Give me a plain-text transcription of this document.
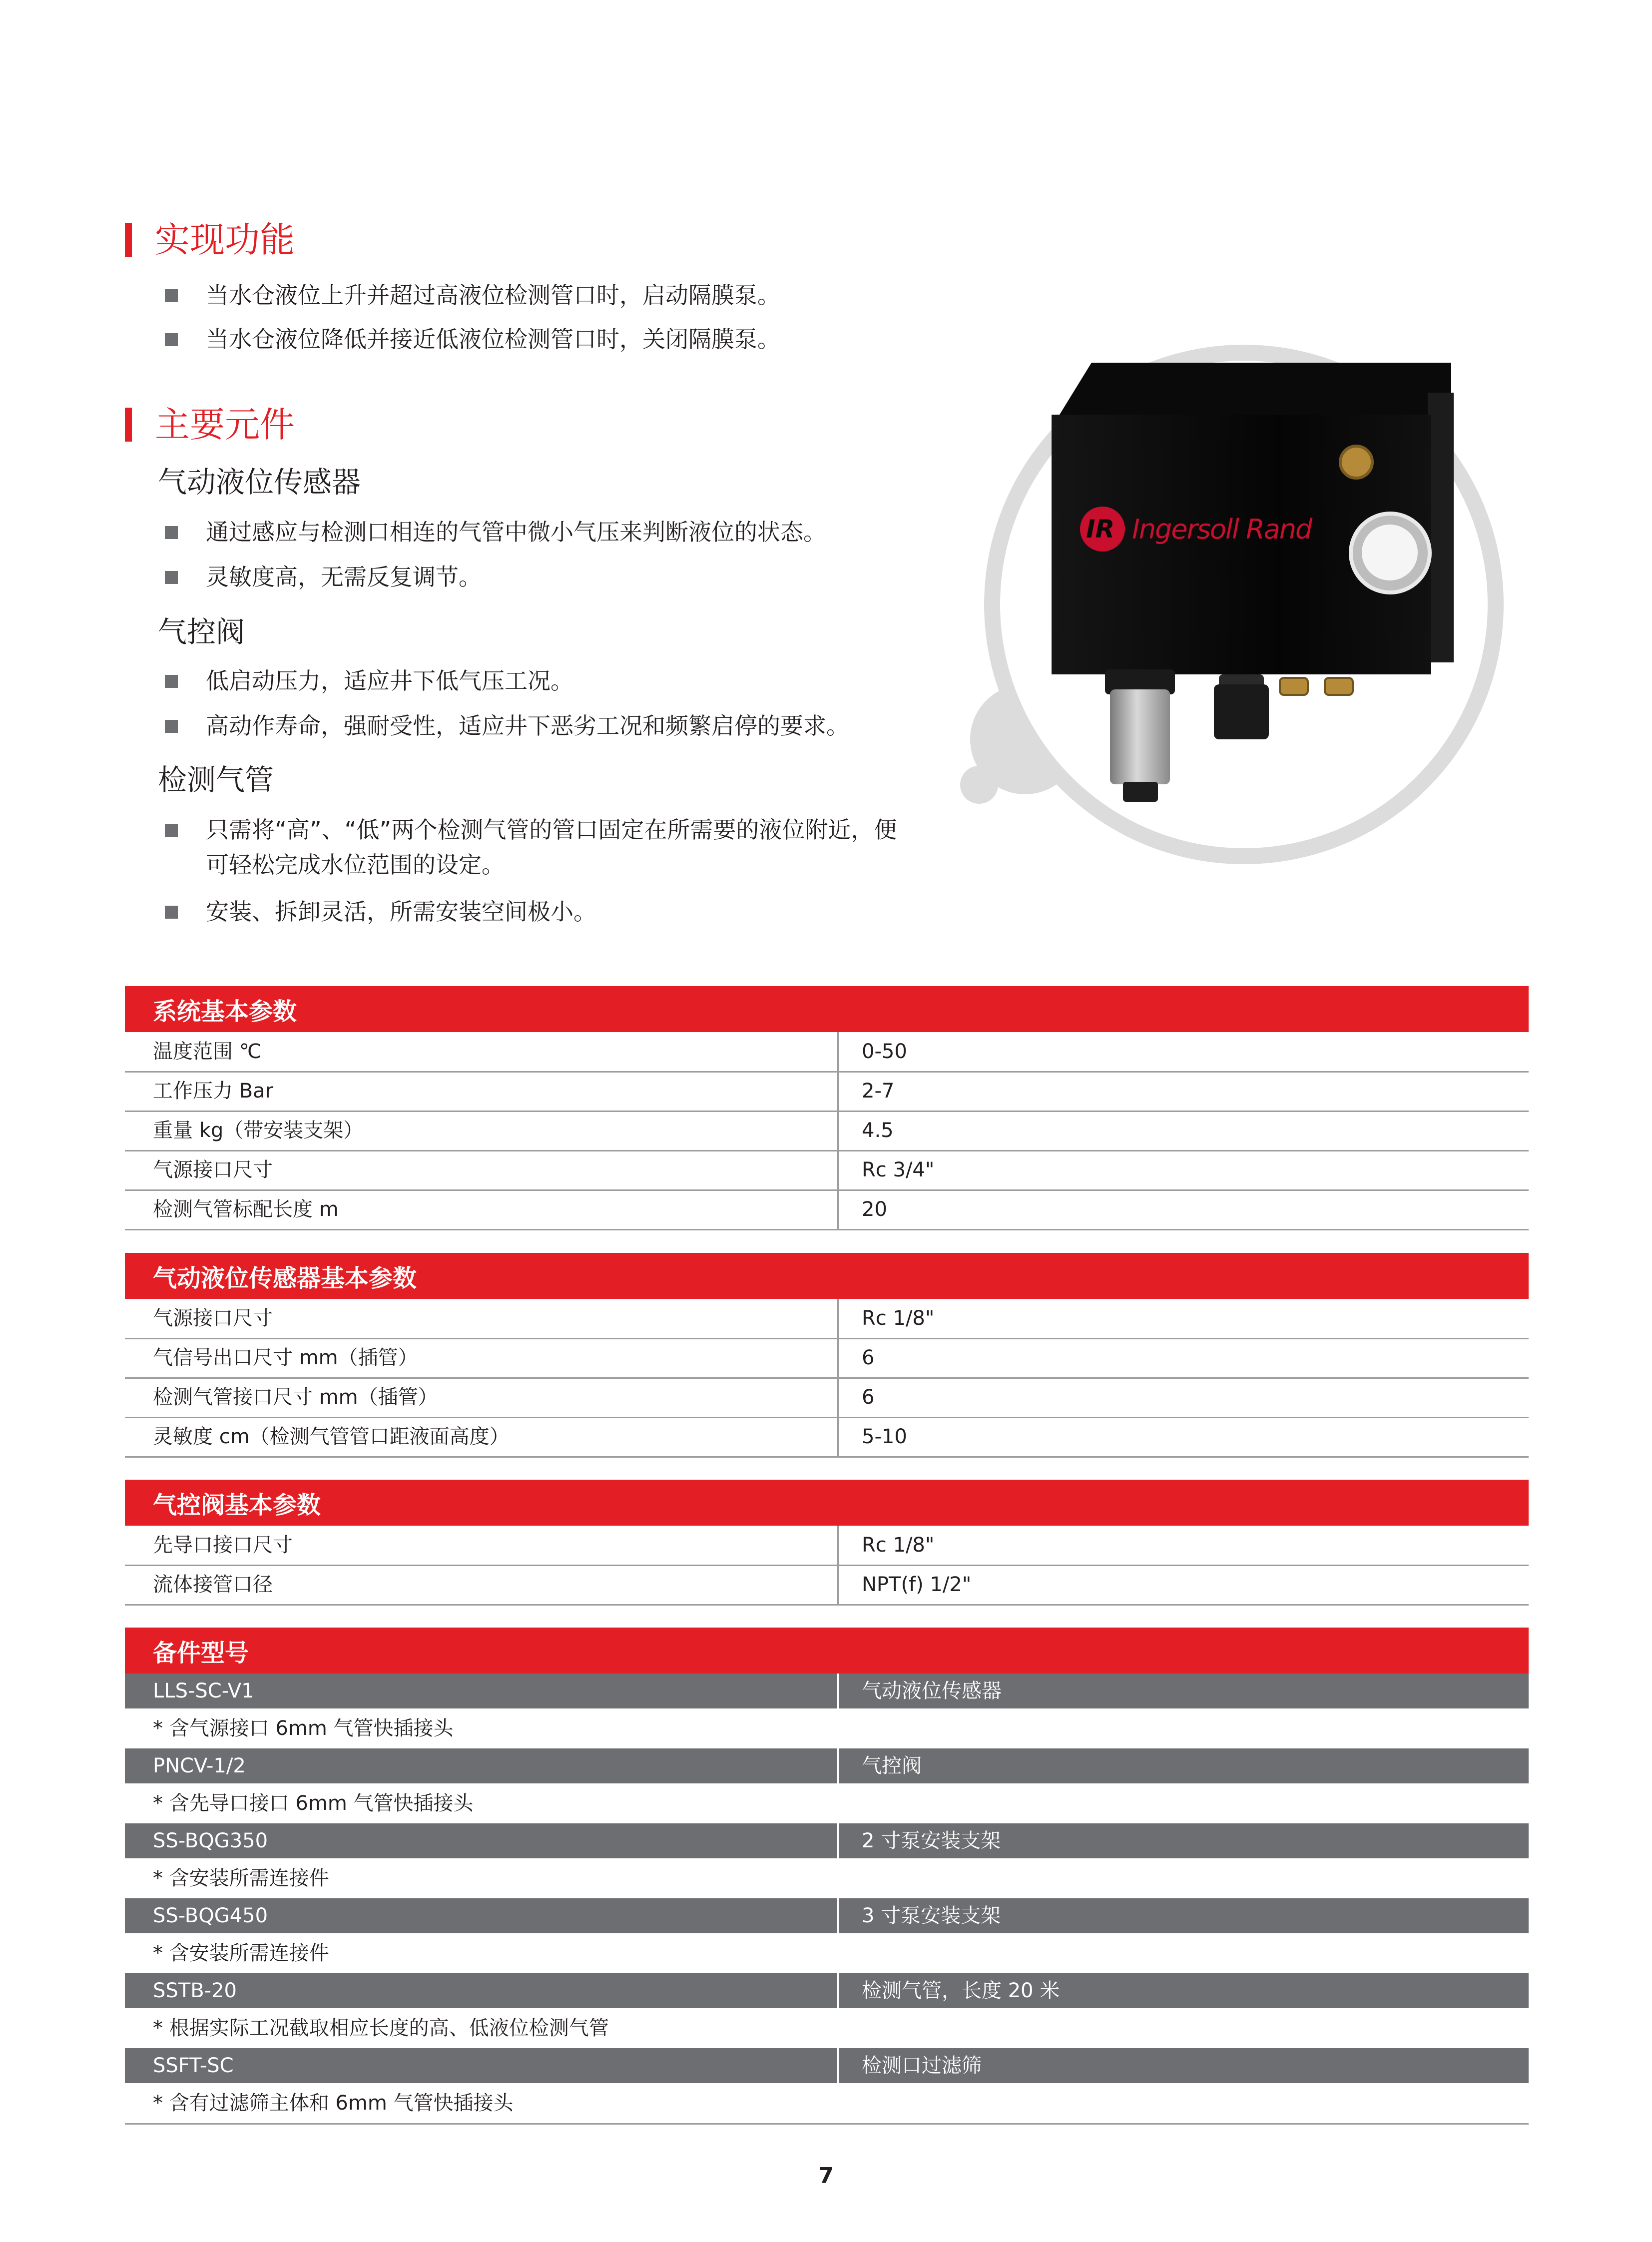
实现功能
当水仓液位上升并超过高液位检测管口时，启动隔膜泵。
当水仓液位降低并接近低液位检测管口时，关闭隔膜泵。
主要元件
气动液位传感器
通过感应与检测口相连的气管中微小气压来判断液位的状态。
灵敏度高，无需反复调节。
气控阀
低启动压力，适应井下低气压工况。
高动作寿命，强耐受性，适应井下恶劣工况和频繁启停的要求。
检测气管
只需将“高”、“低”两个检测气管的管口固定在所需要的液位附近，便可轻松完成水位范围的设定。
安装、拆卸灵活，所需安装空间极小。
IR Ingersoll Rand
系统基本参数
温度范围 ℃	0-50
工作压力 Bar	2-7
重量 kg（带安装支架）	4.5
气源接口尺寸	Rc 3/4"
检测气管标配长度 m	20
气动液位传感器基本参数
气源接口尺寸	Rc 1/8"
气信号出口尺寸 mm（插管）	6
检测气管接口尺寸 mm（插管）	6
灵敏度 cm（检测气管管口距液面高度）	5-10
气控阀基本参数
先导口接口尺寸	Rc 1/8"
流体接管口径	NPT(f) 1/2"
备件型号
LLS-SC-V1	气动液位传感器
* 含气源接口 6mm 气管快插接头
PNCV-1/2	气控阀
* 含先导口接口 6mm 气管快插接头
SS-BQG350	2 寸泵安装支架
* 含安装所需连接件
SS-BQG450	3 寸泵安装支架
* 含安装所需连接件
SSTB-20	检测气管，长度 20 米
* 根据实际工况截取相应长度的高、低液位检测气管
SSFT-SC	检测口过滤筛
* 含有过滤筛主体和 6mm 气管快插接头
7
